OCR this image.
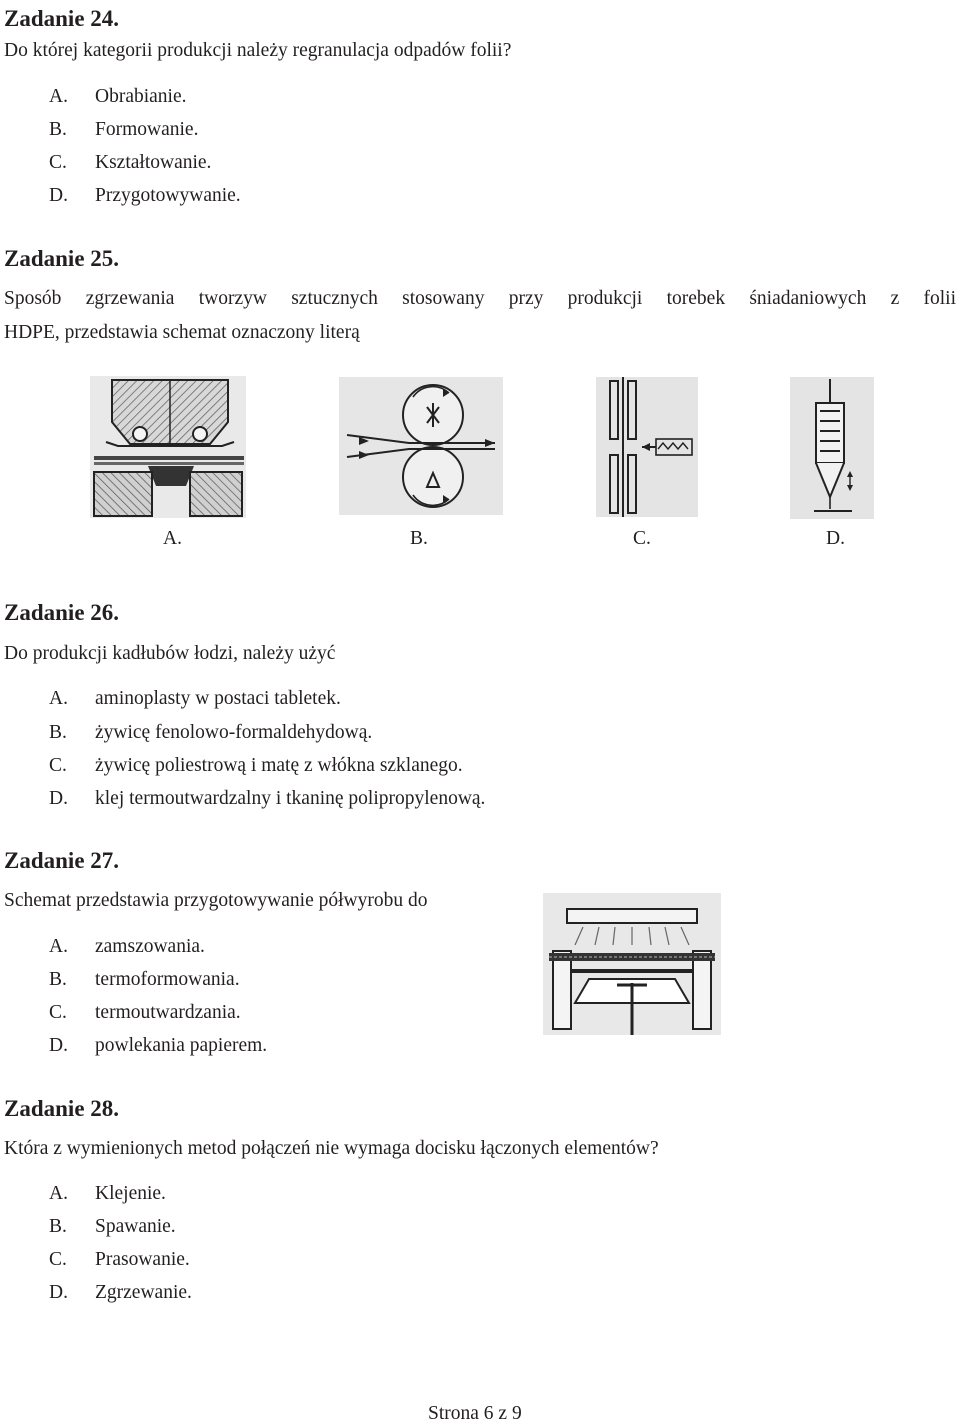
Zadanie 24.
Do której kategorii produkcji należy regranulacja odpadów folii?
A. Obrabianie.
B. Formowanie.
C. Kształtowanie.
D. Przygotowywanie.
Zadanie 25.
Sposób zgrzewania tworzyw sztucznych stosowany przy produkcji torebek śniadaniowych z folii
HDPE, przedstawia schemat oznaczony literą
A.	B.	C.	D.
Zadanie 26.
Do produkcji kadłubów łodzi, należy użyć
A. aminoplasty w postaci tabletek.
B. żywicę fenolowo-formaldehydową.
C. żywicę poliestrową i matę z włókna szklanego.
D. klej termoutwardzalny i tkaninę polipropylenową.
Zadanie 27.
Schemat przedstawia przygotowywanie półwyrobu do
A. zamszowania.
B. termoformowania.
C. termoutwardzania.
D. powlekania papierem.
Zadanie 28.
Która z wymienionych metod połączeń nie wymaga docisku łączonych elementów?
A. Klejenie.
B. Spawanie.
C. Prasowanie.
D. Zgrzewanie.
Strona 6 z 9
